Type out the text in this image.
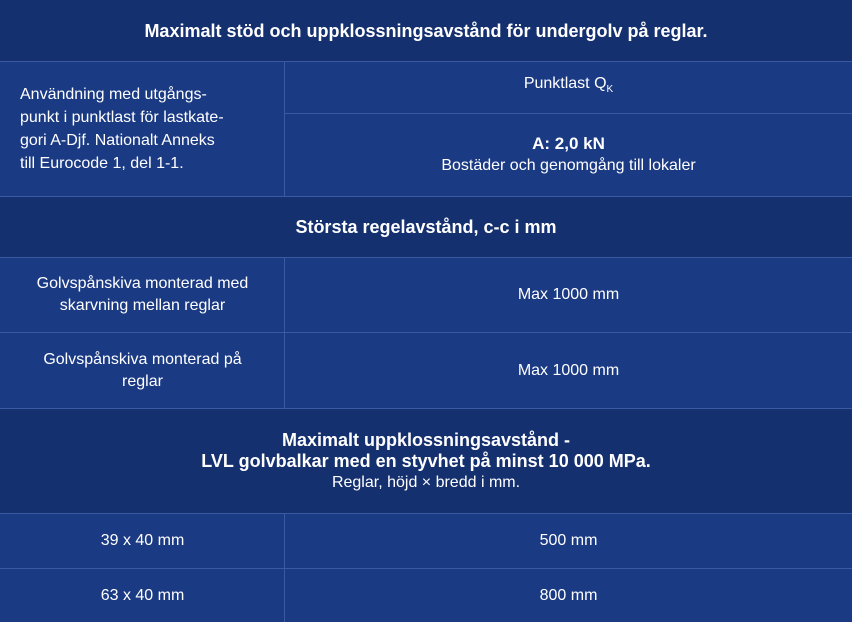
Maximalt stöd och uppklossningsavstånd för undergolv på reglar.
Användning med utgångs-
punkt i punktlast för lastkate-
gori A-Djf. Nationalt Anneks
till Eurocode 1, del 1-1.
Punktlast $Q_K$
A: 2,0 kN
Bostäder och genomgång till lokaler
Största regelavstånd, c-c i mm
Golvspånskiva monterad med
skarvning mellan reglar
Max 1000 mm
Golvspånskiva monterad på
reglar
Max 1000 mm
Maximalt uppklossningsavstånd -
LVL golvbalkar med en styvhet på minst 10 000 MPa.
Reglar, höjd × bredd i mm.
39 x 40 mm	500 mm
63 x 40 mm	800 mm
